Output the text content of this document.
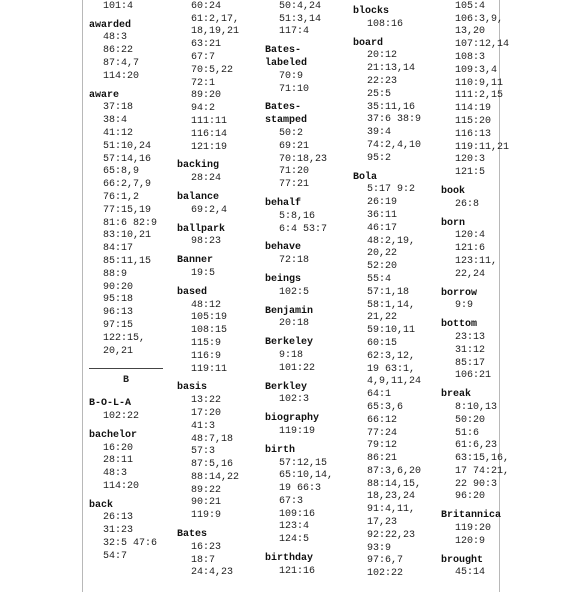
101:4
awarded
48:3
86:22
87:4,7
114:20
aware
37:18
38:4
41:12
51:10,24
57:14,16
65:8,9
66:2,7,9
76:1,2
77:15,19
81:6 82:9
83:10,21
84:17
85:11,15
88:9
90:20
95:18
96:13
97:15
122:15,
20,21
B
B-O-L-A
102:22
bachelor
16:20
28:11
48:3
114:20
back
26:13
31:23
32:5 47:6
54:7
60:24
61:2,17,
18,19,21
63:21
67:7
70:5,22
72:1
89:20
94:2
111:11
116:14
121:19
backing
28:24
balance
69:2,4
ballpark
98:23
Banner
19:5
based
48:12
105:19
108:15
115:9
116:9
119:11
basis
13:22
17:20
41:3
48:7,18
57:3
87:5,16
88:14,22
89:22
90:21
119:9
Bates
16:23
18:7
24:4,23
50:4,24
51:3,14
117:4
Bates-
labeled
70:9
71:10
Bates-
stamped
50:2
69:21
70:18,23
71:20
77:21
behalf
5:8,16
6:4 53:7
behave
72:18
beings
102:5
Benjamin
20:18
Berkeley
9:18
101:22
Berkley
102:3
biography
119:19
birth
57:12,15
65:10,14,
19 66:3
67:3
109:16
123:4
124:5
birthday
121:16
blocks
108:16
board
20:12
21:13,14
22:23
25:5
35:11,16
37:6 38:9
39:4
74:2,4,10
95:2
Bola
5:17 9:2
26:19
36:11
46:17
48:2,19,
20,22
52:20
55:4
57:1,18
58:1,14,
21,22
59:10,11
60:15
62:3,12,
19 63:1,
4,9,11,24
64:1
65:3,6
66:12
77:24
79:12
86:21
87:3,6,20
88:14,15,
18,23,24
91:4,11,
17,23
92:22,23
93:9
97:6,7
102:22
105:4
106:3,9,
13,20
107:12,14
108:3
109:3,4
110:9,11
111:2,15
114:19
115:20
116:13
119:11,21
120:3
121:5
book
26:8
born
120:4
121:6
123:11,
22,24
borrow
9:9
bottom
23:13
31:12
85:17
106:21
break
8:10,13
50:20
51:6
61:6,23
63:15,16,
17 74:21,
22 90:3
96:20
Britannica
119:20
120:9
brought
45:14
